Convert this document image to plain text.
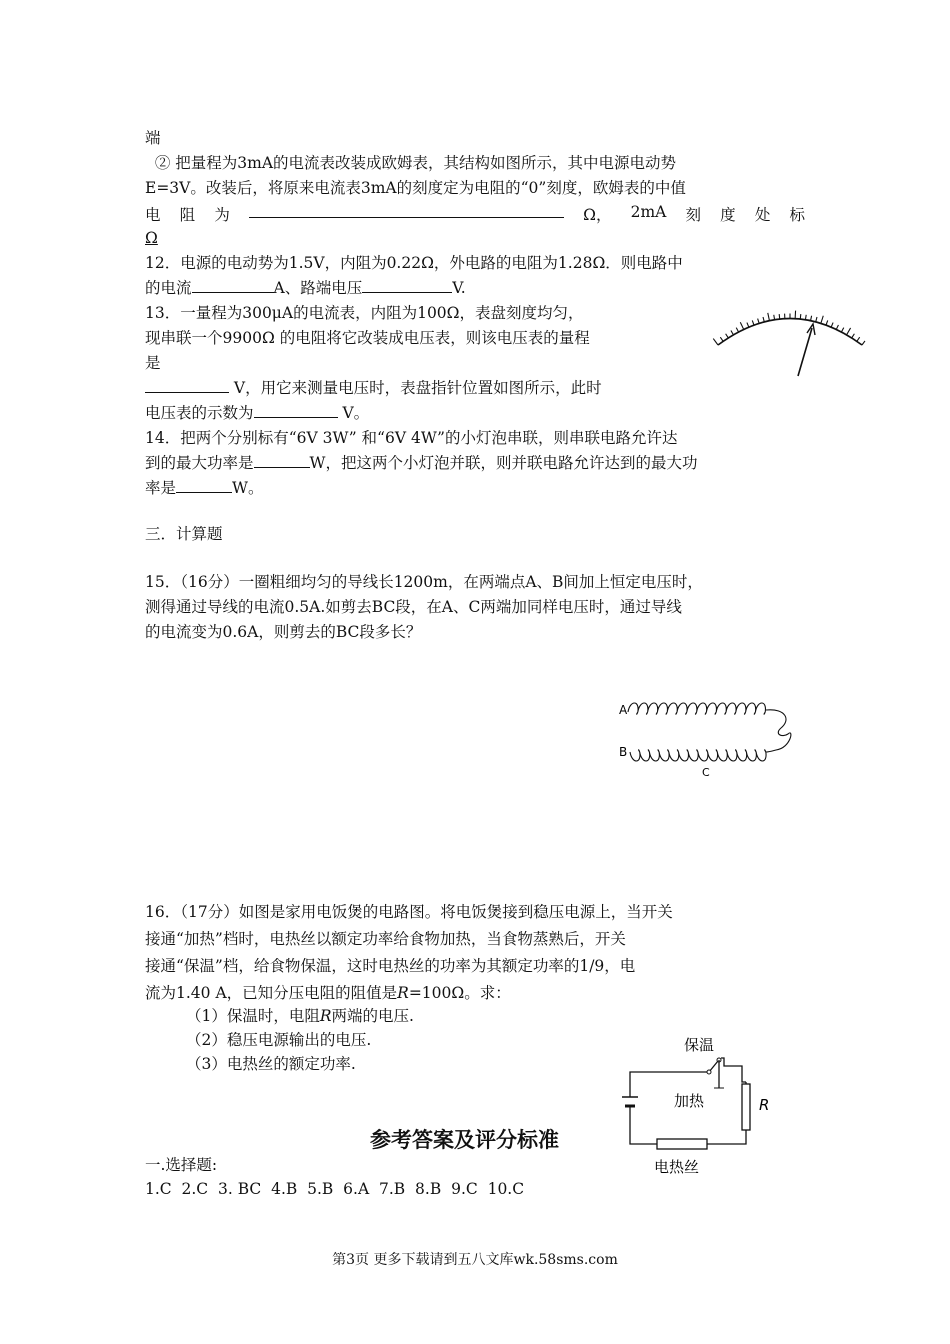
端
② 把量程为3mA的电流表改装成欧姆表，其结构如图所示，其中电源电动势
E=3V。改装后，将原来电流表3mA的刻度定为电阻的“0”刻度，欧姆表的中值
电 阻 为	Ω， 2mA 刻 度 处 标
Ω
12．电源的电动势为1.5V，内阻为0.22Ω，外电路的电阻为1.28Ω．则电路中
的电流	A、路端电压	V.
13．一量程为300μA的电流表，内阻为100Ω，表盘刻度均匀，
现串联一个9900Ω 的电阻将它改装成电压表，则该电压表的量程
是
V，用它来测量电压时，表盘指针位置如图所示，此时
电压表的示数为	V。
14．把两个分别标有“6V 3W” 和“6V 4W”的小灯泡串联，则串联电路允许达
到的最大功率是	W，把这两个小灯泡并联，则并联电路允许达到的最大功
率是	W。
三．计算题
15．（16分）一圈粗细均匀的导线长1200m，在两端点A、B间加上恒定电压时，
测得通过导线的电流0.5A.如剪去BC段，在A、C两端加同样电压时，通过导线
的电流变为0.6A，则剪去的BC段多长？
A
B
C
16．（17分）如图是家用电饭煲的电路图。将电饭煲接到稳压电源上，当开关
接通“加热”档时，电热丝以额定功率给食物加热，当食物蒸熟后，开关
接通“保温”档，给食物保温，这时电热丝的功率为其额定功率的1/9，电
流为1.40 A，已知分压电阻的阻值是R=100Ω。求：
（1）保温时，电阻R两端的电压.
（2）稳压电源输出的电压.
（3）电热丝的额定功率.
保温
加热	R
电热丝
参考答案及评分标准
一.选择题:
1.C  2.C  3. BC  4.B  5.B  6.A  7.B  8.B  9.C  10.C
第3页 更多下载请到五八文库wk.58sms.com
